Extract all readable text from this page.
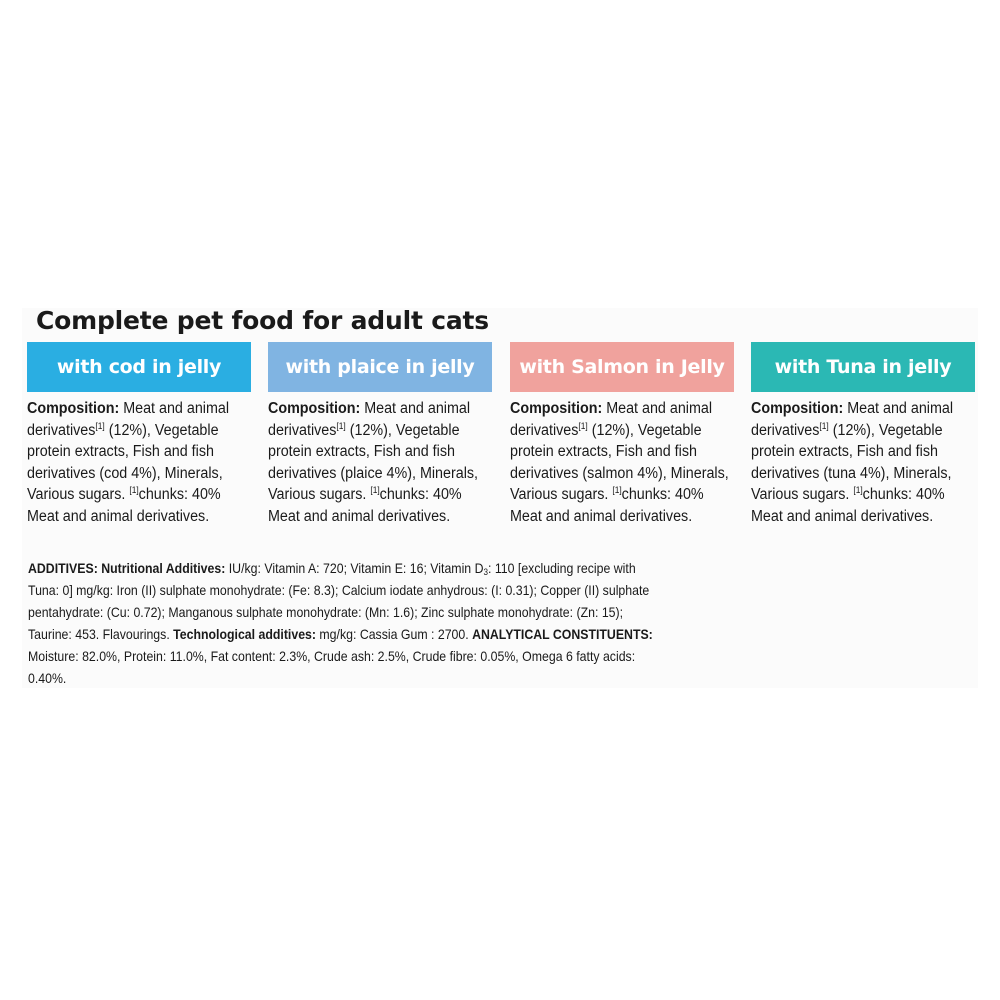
Complete pet food for adult cats
with cod in jelly

Composition: Meat and animal derivatives[1] (12%), Vegetable protein extracts, Fish and fish derivatives (cod 4%), Minerals, Various sugars. [1]chunks: 40% Meat and animal derivatives.

with plaice in jelly

Composition: Meat and animal derivatives[1] (12%), Vegetable protein extracts, Fish and fish derivatives (plaice 4%), Minerals, Various sugars. [1]chunks: 40% Meat and animal derivatives.

with Salmon in Jelly

Composition: Meat and animal derivatives[1] (12%), Vegetable protein extracts, Fish and fish derivatives (salmon 4%), Minerals, Various sugars. [1]chunks: 40% Meat and animal derivatives.

with Tuna in jelly

Composition: Meat and animal derivatives[1] (12%), Vegetable protein extracts, Fish and fish derivatives (tuna 4%), Minerals, Various sugars. [1]chunks: 40% Meat and animal derivatives.

ADDITIVES: Nutritional Additives: IU/kg: Vitamin A: 720; Vitamin E: 16; Vitamin $D_3$: 110 [excluding recipe with Tuna: 0] mg/kg: Iron (II) sulphate monohydrate: (Fe: 8.3); Calcium iodate anhydrous: (I: 0.31); Copper (II) sulphate pentahydrate: (Cu: 0.72); Manganous sulphate monohydrate: (Mn: 1.6); Zinc sulphate monohydrate: (Zn: 15); Taurine: 453. Flavourings. Technological additives: mg/kg: Cassia Gum : 2700. ANALYTICAL CONSTITUENTS: Moisture: 82.0%, Protein: 11.0%, Fat content: 2.3%, Crude ash: 2.5%, Crude fibre: 0.05%, Omega 6 fatty acids: 0.40%.
